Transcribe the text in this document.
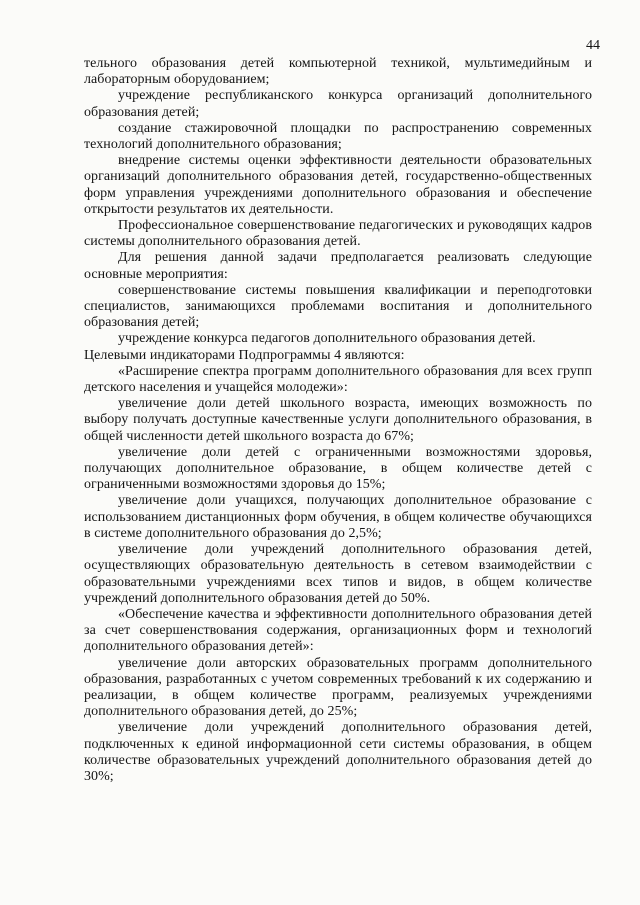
44

тельного образования детей компьютерной техникой, мультимедийным и лабораторным оборудованием;

учреждение республиканского конкурса организаций дополнительного образования детей;

создание стажировочной площадки по распространению современных технологий дополнительного образования;

внедрение системы оценки эффективности деятельности образовательных организаций дополнительного образования детей, государственно-общественных форм управления учреждениями дополнительного образования и обеспечение открытости результатов их деятельности.

Профессиональное совершенствование педагогических и руководящих кадров системы дополнительного образования детей.

Для решения данной задачи предполагается реализовать следующие основные мероприятия:

совершенствование системы повышения квалификации и переподготовки специалистов, занимающихся проблемами воспитания и дополнительного образования детей;

учреждение конкурса педагогов дополнительного образования детей.

Целевыми индикаторами Подпрограммы 4 являются:

«Расширение спектра программ дополнительного образования для всех групп детского населения и учащейся молодежи»:

увеличение доли детей школьного возраста, имеющих возможность по выбору получать доступные качественные услуги дополнительного образования, в общей численности детей школьного возраста до 67%;

увеличение доли детей с ограниченными возможностями здоровья, получающих дополнительное образование, в общем количестве детей с ограниченными возможностями здоровья до 15%;

увеличение доли учащихся, получающих дополнительное образование с использованием дистанционных форм обучения, в общем количестве обучающихся в системе дополнительного образования до 2,5%;

увеличение доли учреждений дополнительного образования детей, осуществляющих образовательную деятельность в сетевом взаимодействии с образовательными учреждениями всех типов и видов, в общем количестве учреждений дополнительного образования детей до 50%.

«Обеспечение качества и эффективности дополнительного образования детей за счет совершенствования содержания, организационных форм и технологий дополнительного образования детей»:

увеличение доли авторских образовательных программ дополнительного образования, разработанных с учетом современных требований к их содержанию и реализации, в общем количестве программ, реализуемых учреждениями дополнительного образования детей, до 25%;

увеличение доли учреждений дополнительного образования детей, подключенных к единой информационной сети системы образования, в общем количестве образовательных учреждений дополнительного образования детей до 30%;
